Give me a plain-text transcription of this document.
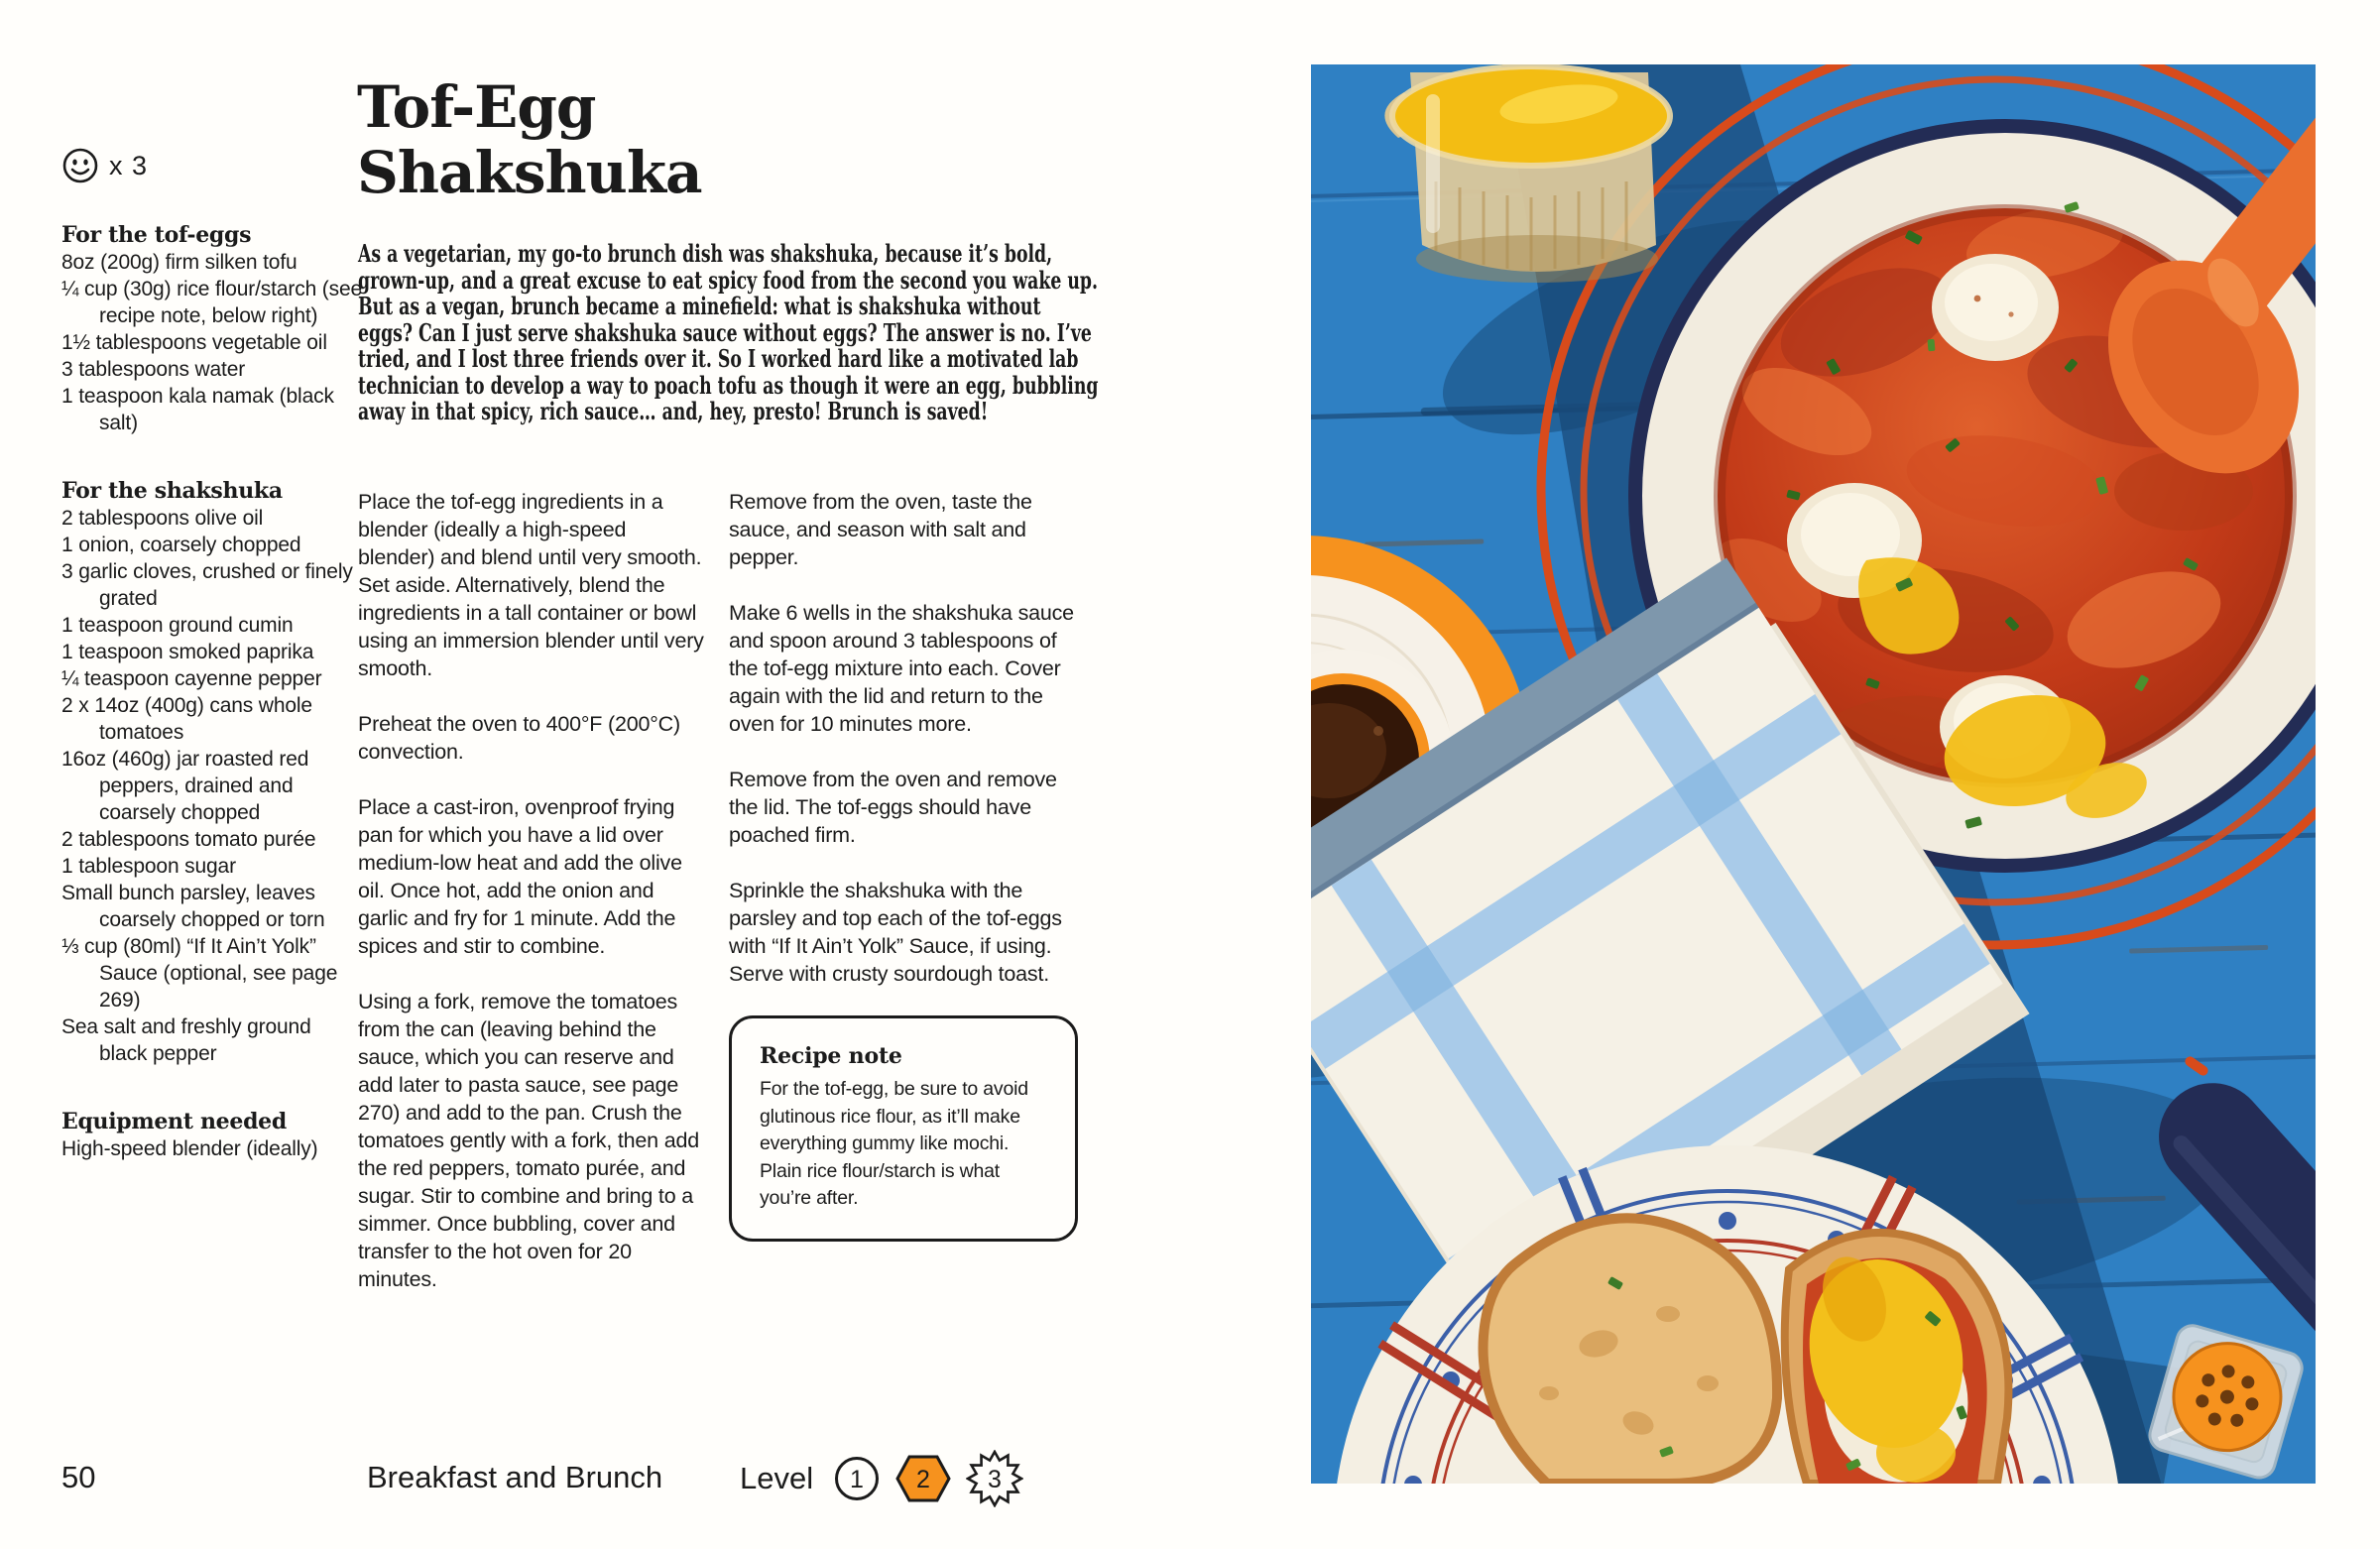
x 3
Tof-Egg
Shakshuka
For the tof-eggs
8oz (200g) firm silken tofu
¼ cup (30g) rice flour/starch (see recipe note, below right)
1½ tablespoons vegetable oil
3 tablespoons water
1 teaspoon kala namak (black salt)
For the shakshuka
2 tablespoons olive oil
1 onion, coarsely chopped
3 garlic cloves, crushed or finely grated
1 teaspoon ground cumin
1 teaspoon smoked paprika
¼ teaspoon cayenne pepper
2 x 14oz (400g) cans whole tomatoes
16oz (460g) jar roasted red peppers, drained and coarsely chopped
2 tablespoons tomato purée
1 tablespoon sugar
Small bunch parsley, leaves coarsely chopped or torn
⅓ cup (80ml) “If It Ain’t Yolk” Sauce (optional, see page 269)
Sea salt and freshly ground black pepper
Equipment needed
High-speed blender (ideally)

As a vegetarian, my go-to brunch dish was shakshuka, because it’s bold, grown-up, and a great excuse to eat spicy food from the second you wake up. But as a vegan, brunch became a minefield: what is shakshuka without eggs? Can I just serve shakshuka sauce without eggs? The answer is no. I’ve tried, and I lost three friends over it. So I worked hard like a motivated lab technician to develop a way to poach tofu as though it were an egg, bubbling away in that spicy, rich sauce… and, hey, presto! Brunch is saved!

Place the tof-egg ingredients in a blender (ideally a high-speed blender) and blend until very smooth. Set aside. Alternatively, blend the ingredients in a tall container or bowl using an immersion blender until very smooth.

Preheat the oven to 400°F (200°C) convection.

Place a cast-iron, ovenproof frying pan for which you have a lid over medium-low heat and add the olive oil. Once hot, add the onion and garlic and fry for 1 minute. Add the spices and stir to combine.

Using a fork, remove the tomatoes from the can (leaving behind the sauce, which you can reserve and add later to pasta sauce, see page 270) and add to the pan. Crush the tomatoes gently with a fork, then add the red peppers, tomato purée, and sugar. Stir to combine and bring to a simmer. Once bubbling, cover and transfer to the hot oven for 20 minutes.

Remove from the oven, taste the sauce, and season with salt and pepper.

Make 6 wells in the shakshuka sauce and spoon around 3 tablespoons of the tof-egg mixture into each. Cover again with the lid and return to the oven for 10 minutes more.

Remove from the oven and remove the lid. The tof-eggs should have poached firm.

Sprinkle the shakshuka with the parsley and top each of the tof-eggs with “If It Ain’t Yolk” Sauce, if using. Serve with crusty sourdough toast.

Recipe note

For the tof-egg, be sure to avoid glutinous rice flour, as it’ll make everything gummy like mochi. Plain rice flour/starch is what you’re after.

50	Breakfast and Brunch	Level 1 2 3
